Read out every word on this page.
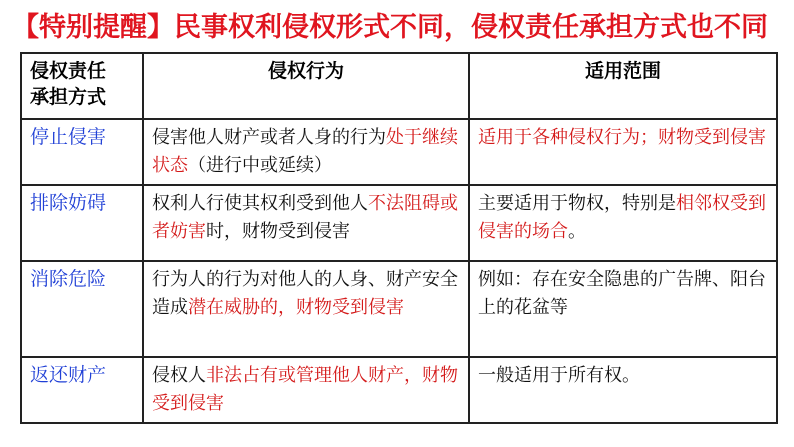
【特别提醒】民事权利侵权形式不同，侵权责任承担方式也不同
侵权责任
承担方式	侵权行为	适用范围
停止侵害	侵害他人财产或者人身的行为处于继续状态（进行中或延续）	适用于各种侵权行为；财物受到侵害
排除妨碍	权利人行使其权利受到他人不法阻碍或者妨害时，财物受到侵害	主要适用于物权，特别是相邻权受到侵害的场合。
消除危险	行为人的行为对他人的人身、财产安全造成潜在威胁的，财物受到侵害	例如：存在安全隐患的广告牌、阳台上的花盆等
返还财产	侵权人非法占有或管理他人财产，财物受到侵害	一般适用于所有权。
